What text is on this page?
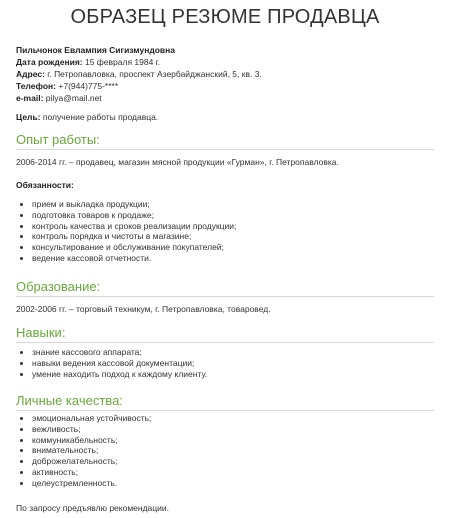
ОБРАЗЕЦ РЕЗЮМЕ ПРОДАВЦА
Пильчонок Евлампия Сигизмундовна
Дата рождения: 15 февраля 1984 г.
Адрес: г. Петропавловка, проспект Азербайджанский, 5, кв. 3.
Телефон: +7(944)775-****
e-mail: pilya@mail.net
Цель: получение работы продавца.
Опыт работы:
2006-2014 гг. – продавец, магазин мясной продукции «Гурман», г. Петропавловка.
Обязанности:
прием и выкладка продукции;
подготовка товаров к продаже;
контроль качества и сроков реализации продукции;
контроль порядка и чистоты в магазине;
консультирование и обслуживание покупателей;
ведение кассовой отчетности.
Образование:
2002-2006 гг. – торговый техникум, г. Петропавловка, товаровед.
Навыки:
знание кассового аппарата;
навыки ведения кассовой документации;
умение находить подход к каждому клиенту.
Личные качества:
эмоциональная устойчивость;
вежливость;
коммуникабельность;
внимательность;
доброжелательность;
активность;
целеустремленность.
По запросу предъявлю рекомендации.
